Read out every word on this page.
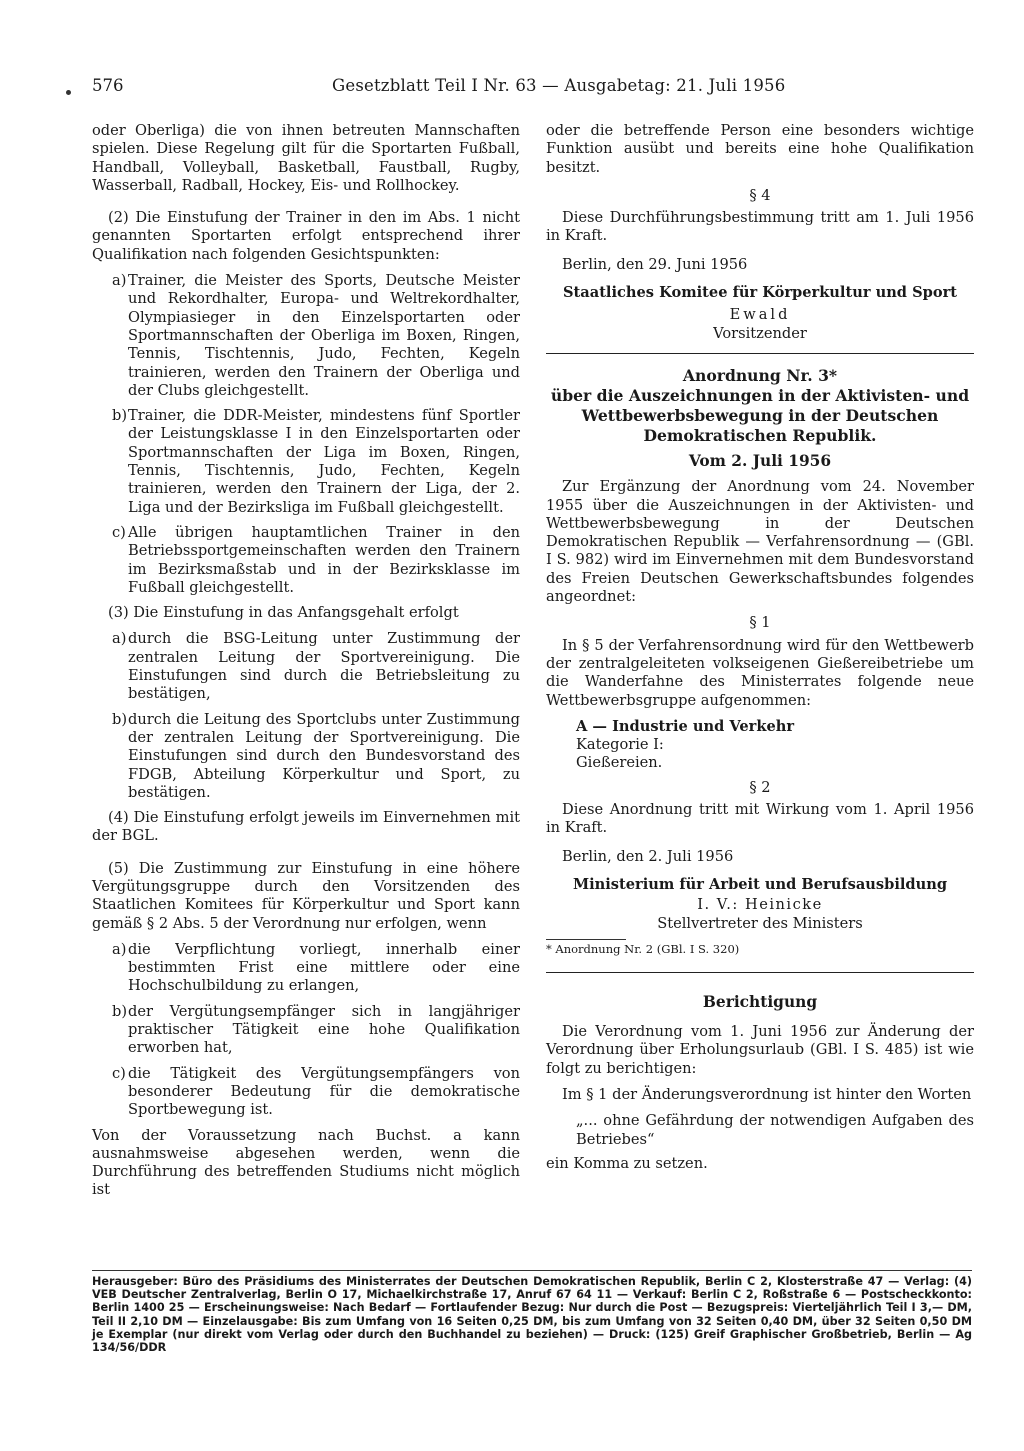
576	Gesetzblatt Teil I Nr. 63 — Ausgabetag: 21. Juli 1956

oder Oberliga) die von ihnen betreuten Mannschaften spielen. Diese Regelung gilt für die Sportarten Fußball, Handball, Volleyball, Basketball, Faustball, Rugby, Wasserball, Radball, Hockey, Eis- und Rollhockey.

(2) Die Einstufung der Trainer in den im Abs. 1 nicht genannten Sportarten erfolgt entsprechend ihrer Qualifikation nach folgenden Gesichtspunkten:

a) Trainer, die Meister des Sports, Deutsche Meister und Rekordhalter, Europa- und Weltrekordhalter, Olympiasieger in den Einzelsportarten oder Sportmannschaften der Oberliga im Boxen, Ringen, Tennis, Tischtennis, Judo, Fechten, Kegeln trainieren, werden den Trainern der Oberliga und der Clubs gleichgestellt.
b) Trainer, die DDR-Meister, mindestens fünf Sportler der Leistungsklasse I in den Einzelsportarten oder Sportmannschaften der Liga im Boxen, Ringen, Tennis, Tischtennis, Judo, Fechten, Kegeln trainieren, werden den Trainern der Liga, der 2. Liga und der Bezirksliga im Fußball gleichgestellt.
c) Alle übrigen hauptamtlichen Trainer in den Betriebssportgemeinschaften werden den Trainern im Bezirksmaßstab und in der Bezirksklasse im Fußball gleichgestellt.

(3) Die Einstufung in das Anfangsgehalt erfolgt

a) durch die BSG-Leitung unter Zustimmung der zentralen Leitung der Sportvereinigung. Die Einstufungen sind durch die Betriebsleitung zu bestätigen,
b) durch die Leitung des Sportclubs unter Zustimmung der zentralen Leitung der Sportvereinigung. Die Einstufungen sind durch den Bundesvorstand des FDGB, Abteilung Körperkultur und Sport, zu bestätigen.

(4) Die Einstufung erfolgt jeweils im Einvernehmen mit der BGL.

(5) Die Zustimmung zur Einstufung in eine höhere Vergütungsgruppe durch den Vorsitzenden des Staatlichen Komitees für Körperkultur und Sport kann gemäß § 2 Abs. 5 der Verordnung nur erfolgen, wenn

a) die Verpflichtung vorliegt, innerhalb einer bestimmten Frist eine mittlere oder eine Hochschulbildung zu erlangen,
b) der Vergütungsempfänger sich in langjähriger praktischer Tätigkeit eine hohe Qualifikation erworben hat,
c) die Tätigkeit des Vergütungsempfängers von besonderer Bedeutung für die demokratische Sportbewegung ist.

Von der Voraussetzung nach Buchst. a kann ausnahmsweise abgesehen werden, wenn die Durchführung des betreffenden Studiums nicht möglich ist

oder die betreffende Person eine besonders wichtige Funktion ausübt und bereits eine hohe Qualifikation besitzt.

§ 4

Diese Durchführungsbestimmung tritt am 1. Juli 1956 in Kraft.

Berlin, den 29. Juni 1956

Staatliches Komitee für Körperkultur und Sport
Ewald
Vorsitzender
Anordnung Nr. 3*
über die Auszeichnungen in der Aktivisten- und Wettbewerbsbewegung in der Deutschen Demokratischen Republik.
Vom 2. Juli 1956

Zur Ergänzung der Anordnung vom 24. November 1955 über die Auszeichnungen in der Aktivisten- und Wettbewerbsbewegung in der Deutschen Demokratischen Republik — Verfahrensordnung — (GBl. I S. 982) wird im Einvernehmen mit dem Bundesvorstand des Freien Deutschen Gewerkschaftsbundes folgendes angeordnet:

§ 1

In § 5 der Verfahrensordnung wird für den Wettbewerb der zentralgeleiteten volkseigenen Gießereibetriebe um die Wanderfahne des Ministerrates folgende neue Wettbewerbsgruppe aufgenommen:

A — Industrie und Verkehr
Kategorie I:
Gießereien.
§ 2

Diese Anordnung tritt mit Wirkung vom 1. April 1956 in Kraft.

Berlin, den 2. Juli 1956

Ministerium für Arbeit und Berufsausbildung
I. V.: Heinicke
Stellvertreter des Ministers
* Anordnung Nr. 2 (GBl. I S. 320)
Berichtigung

Die Verordnung vom 1. Juni 1956 zur Änderung der Verordnung über Erholungsurlaub (GBl. I S. 485) ist wie folgt zu berichtigen:

Im § 1 der Änderungsverordnung ist hinter den Worten

„... ohne Gefährdung der notwendigen Aufgaben des Betriebes“

ein Komma zu setzen.

Herausgeber: Büro des Präsidiums des Ministerrates der Deutschen Demokratischen Republik, Berlin C 2, Klosterstraße 47 — Verlag: (4) VEB Deutscher Zentralverlag, Berlin O 17, Michaelkirchstraße 17, Anruf 67 64 11 — Verkauf: Berlin C 2, Roßstraße 6 — Postscheckkonto: Berlin 1400 25 — Erscheinungsweise: Nach Bedarf — Fortlaufender Bezug: Nur durch die Post — Bezugspreis: Vierteljährlich Teil I 3,— DM, Teil II 2,10 DM — Einzelausgabe: Bis zum Umfang von 16 Seiten 0,25 DM, bis zum Umfang von 32 Seiten 0,40 DM, über 32 Seiten 0,50 DM je Exemplar (nur direkt vom Verlag oder durch den Buchhandel zu beziehen) — Druck: (125) Greif Graphischer Großbetrieb, Berlin — Ag 134/56/DDR
